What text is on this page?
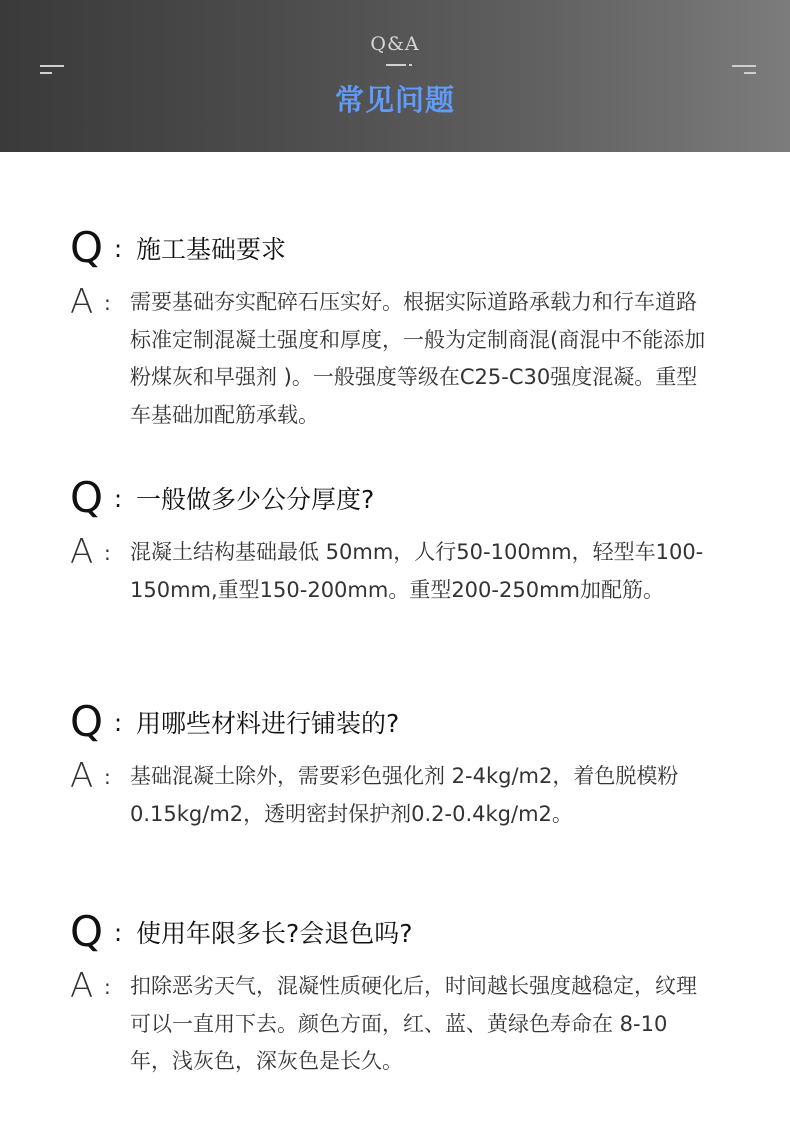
Q&A
常见问题
Q : 施工基础要求
A : 需要基础夯实配碎石压实好。根据实际道路承载力和行车道路标准定制混凝土强度和厚度，一般为定制商混(商混中不能添加粉煤灰和早强剂 )。一般强度等级在C25-C30强度混凝。重型车基础加配筋承载。
Q : 一般做多少公分厚度?
A : 混凝土结构基础最低 50mm，人行50-100mm，轻型车100-150mm,重型150-200mm。重型200-250mm加配筋。
Q : 用哪些材料进行铺装的?
A : 基础混凝土除外，需要彩色强化剂 2-4kg/m2，着色脱模粉0.15kg/m2，透明密封保护剂0.2-0.4kg/m2。
Q : 使用年限多长?会退色吗?
A : 扣除恶劣天气，混凝性质硬化后，时间越长强度越稳定，纹理可以一直用下去。颜色方面，红、蓝、黄绿色寿命在 8-10 年，浅灰色，深灰色是长久。
